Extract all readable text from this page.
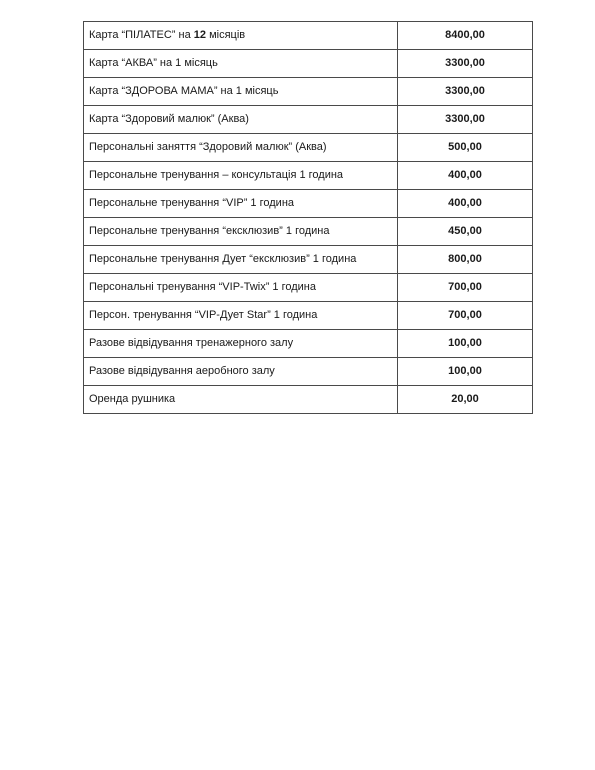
Карта “ПІЛАТЕС” на 12 місяців	8400,00
Карта “АКВА” на 1 місяць	3300,00
Карта “ЗДОРОВА МАМА” на 1 місяць	3300,00
Карта “Здоровий малюк” (Аква)	3300,00
Персональні заняття “Здоровий малюк” (Аква)	500,00
Персональне тренування – консультація 1 година	400,00
Персональне тренування “VIP” 1 година	400,00
Персональне тренування “ексклюзив” 1 година	450,00
Персональне тренування Дует “ексклюзив” 1 година	800,00
Персональні тренування “VIP-Twix” 1 година	700,00
Персон. тренування “VIP-Дует Star” 1 година	700,00
Разове відвідування тренажерного залу	100,00
Разове відвідування аеробного залу	100,00
Оренда рушника	20,00
